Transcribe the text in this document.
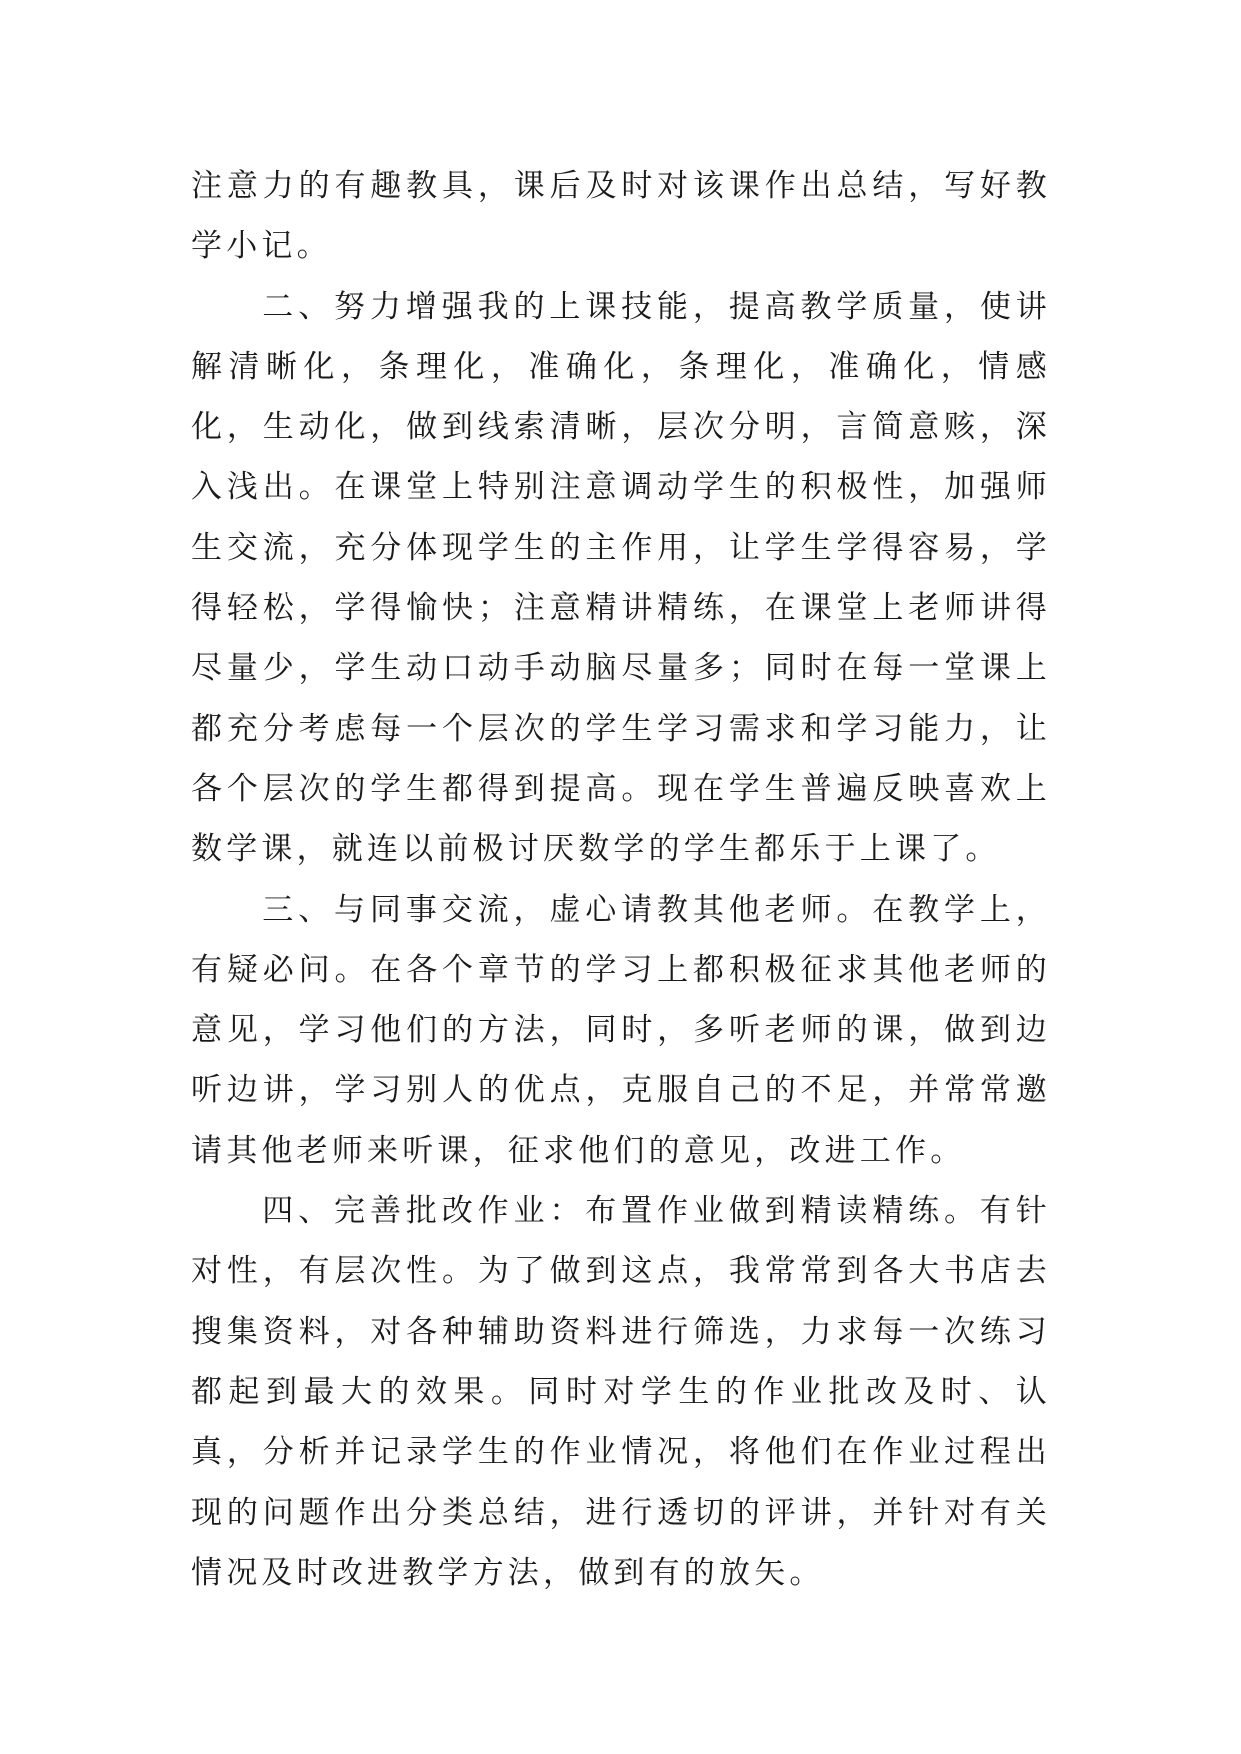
注意力的有趣教具，课后及时对该课作出总结，写好教学小记。

二、努力增强我的上课技能，提高教学质量，使讲解清晰化，条理化，准确化，条理化，准确化，情感化，生动化，做到线索清晰，层次分明，言简意赅，深入浅出。在课堂上特别注意调动学生的积极性，加强师生交流，充分体现学生的主作用，让学生学得容易，学得轻松，学得愉快；注意精讲精练，在课堂上老师讲得尽量少，学生动口动手动脑尽量多；同时在每一堂课上都充分考虑每一个层次的学生学习需求和学习能力，让各个层次的学生都得到提高。现在学生普遍反映喜欢上数学课，就连以前极讨厌数学的学生都乐于上课了。

三、与同事交流，虚心请教其他老师。在教学上，有疑必问。在各个章节的学习上都积极征求其他老师的意见，学习他们的方法，同时，多听老师的课，做到边听边讲，学习别人的优点，克服自己的不足，并常常邀请其他老师来听课，征求他们的意见，改进工作。

四、完善批改作业：布置作业做到精读精练。有针对性，有层次性。为了做到这点，我常常到各大书店去搜集资料，对各种辅助资料进行筛选，力求每一次练习都起到最大的效果。同时对学生的作业批改及时、认真，分析并记录学生的作业情况，将他们在作业过程出现的问题作出分类总结，进行透切的评讲，并针对有关情况及时改进教学方法，做到有的放矢。
